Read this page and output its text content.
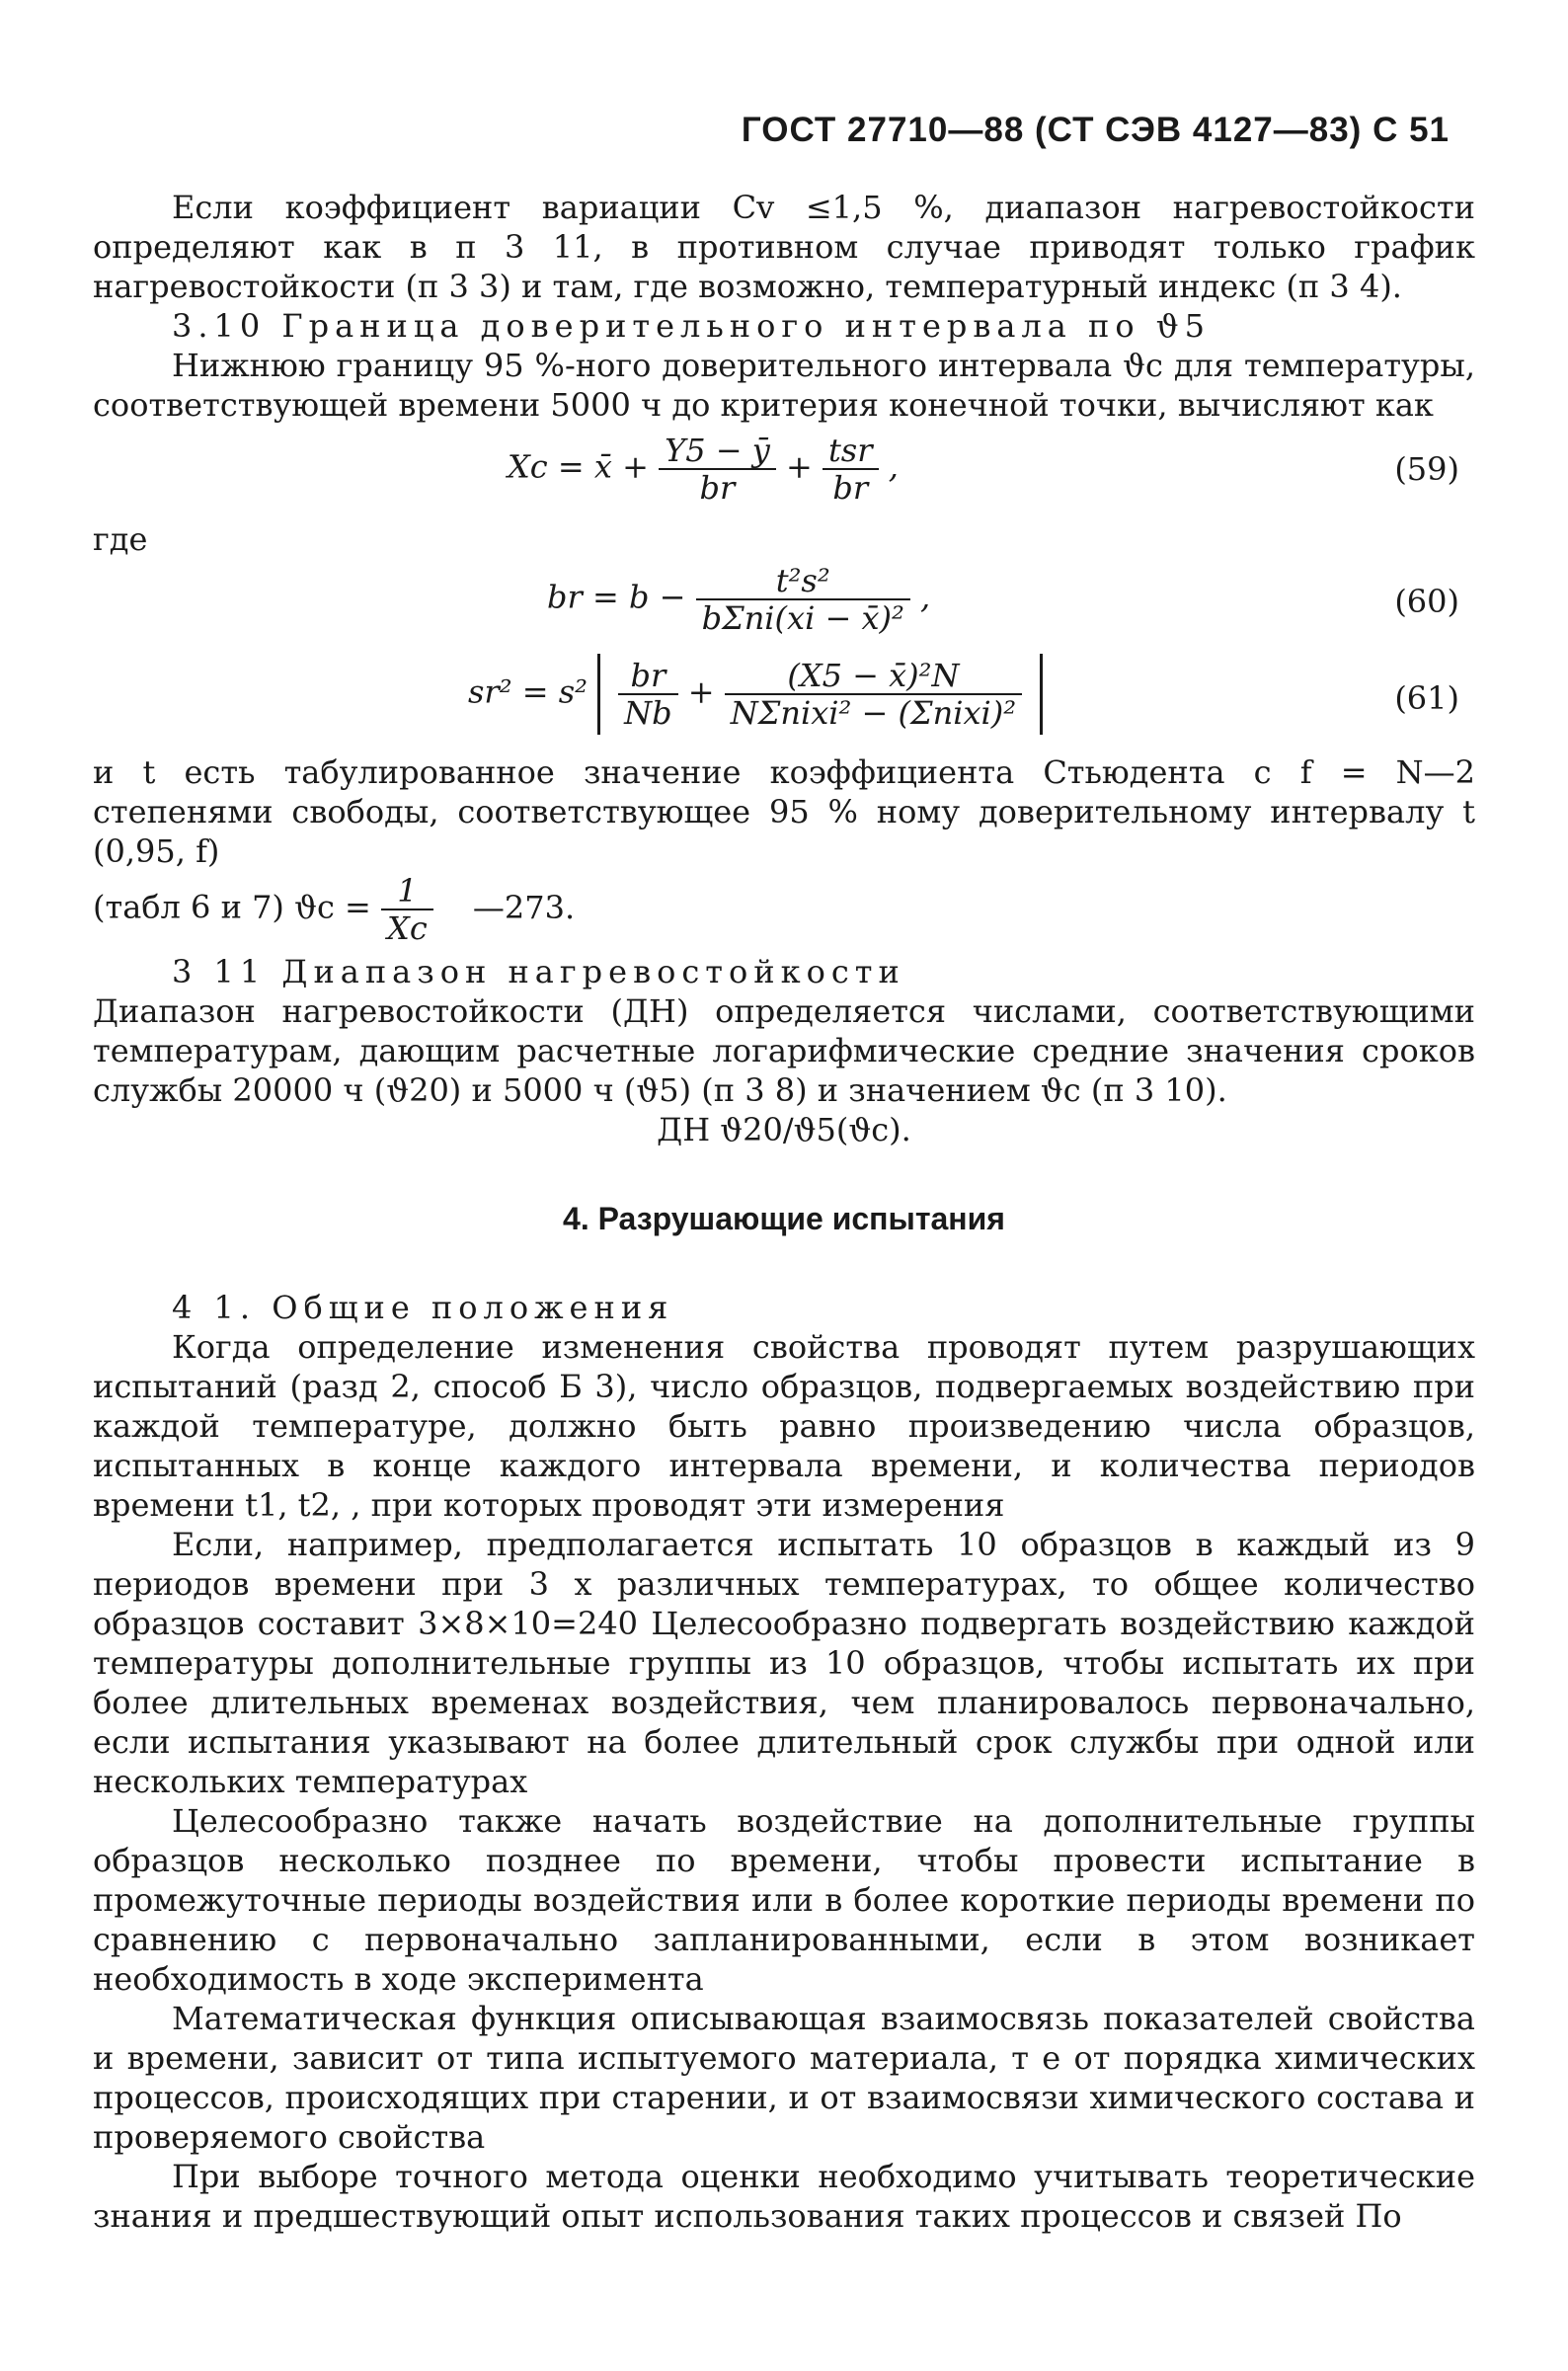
ГОСТ 27710—88 (СТ СЭВ 4127—83) С 51

Если коэффициент вариации Cv ≤1,5 %, диапазон нагревостойкости определяют как в п 3 11, в противном случае приводят только график нагревостойкости (п 3 3) и там, где возможно, температурный индекс (п 3 4).

3.10 Граница доверительного интервала по ϑ5

Нижнюю границу 95 %-ного доверительного интервала ϑc для температуры, соответствующей времени 5000 ч до критерия конечной точки, вычисляют как

Xc = x̄ + $\frac{Y5 - ȳ}{br} + \frac{\text{tsr}}{br}$ ,	(59)
где
br = $b - \frac{\text{t²s²}}{\text{bΣni(xi − x̄)²}}$ ,	(60)
$sr^2 = s^2 \frac{br}{Nb} + \frac{\text{(X5 − x̄)²N}}{\text{NΣnixi² − (Σnixi)²}}$	(61)

и t есть табулированное значение коэффициента Стьюдента с f = N—2 степенями свободы, соответствующее 95 % ному доверительному интервалу t (0,95, f)

(табл 6 и 7) $ϑc = \frac{1}{Xc}$ —273.

3 11 Диапазон нагревостойкости

Диапазон нагревостойкости (ДН) определяется числами, соответствующими температурам, дающим расчетные логарифмические средние значения сроков службы 20000 ч (ϑ20) и 5000 ч (ϑ5) (п 3 8) и значением ϑc (п 3 10).

ДН ϑ20/ϑ5(ϑc).
4. Разрушающие испытания

4 1. Общие положения

Когда определение изменения свойства проводят путем разрушающих испытаний (разд 2, способ Б 3), число образцов, подвергаемых воздействию при каждой температуре, должно быть равно произведению числа образцов, испытанных в конце каждого интервала времени, и количества периодов времени t1, t2, , при которых проводят эти измерения

Если, например, предполагается испытать 10 образцов в каждый из 9 периодов времени при 3 х различных температурах, то общее количество образцов составит 3×8×10=240 Целесообразно подвергать воздействию каждой температуры дополнительные группы из 10 образцов, чтобы испытать их при более длительных временах воздействия, чем планировалось первоначально, если испытания указывают на более длительный срок службы при одной или нескольких температурах

Целесообразно также начать воздействие на дополнительные группы образцов несколько позднее по времени, чтобы провести испытание в промежуточные периоды воздействия или в более короткие периоды времени по сравнению с первоначально запланированными, если в этом возникает необходимость в ходе эксперимента

Математическая функция описывающая взаимосвязь показателей свойства и времени, зависит от типа испытуемого материала, т е от порядка химических процессов, происходящих при старении, и от взаимосвязи химического состава и проверяемого свойства

При выборе точного метода оценки необходимо учитывать теоретические знания и предшествующий опыт использования таких процессов и связей По
